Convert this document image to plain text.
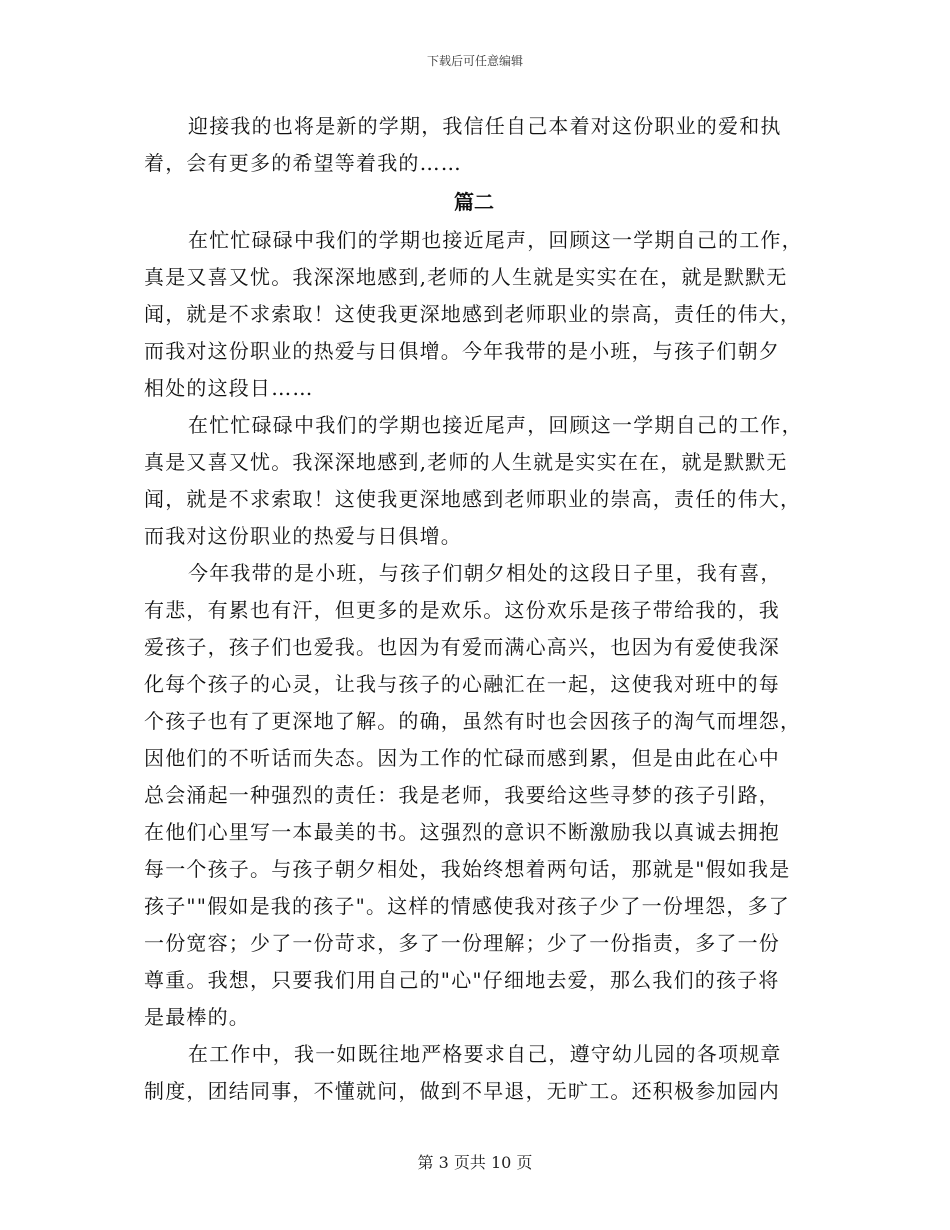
下载后可任意编辑
迎接我的也将是新的学期，我信任自己本着对这份职业的爱和执
着，会有更多的希望等着我的……
篇二
在忙忙碌碌中我们的学期也接近尾声，回顾这一学期自己的工作，
真是又喜又忧。我深深地感到,老师的人生就是实实在在，就是默默无
闻，就是不求索取！这使我更深地感到老师职业的崇高，责任的伟大，
而我对这份职业的热爱与日俱增。今年我带的是小班，与孩子们朝夕
相处的这段日……
在忙忙碌碌中我们的学期也接近尾声，回顾这一学期自己的工作，
真是又喜又忧。我深深地感到,老师的人生就是实实在在，就是默默无
闻，就是不求索取！这使我更深地感到老师职业的崇高，责任的伟大，
而我对这份职业的热爱与日俱增。
今年我带的是小班，与孩子们朝夕相处的这段日子里，我有喜，
有悲，有累也有汗，但更多的是欢乐。这份欢乐是孩子带给我的，我
爱孩子，孩子们也爱我。也因为有爱而满心高兴，也因为有爱使我深
化每个孩子的心灵，让我与孩子的心融汇在一起，这使我对班中的每
个孩子也有了更深地了解。的确，虽然有时也会因孩子的淘气而埋怨，
因他们的不听话而失态。因为工作的忙碌而感到累，但是由此在心中
总会涌起一种强烈的责任：我是老师，我要给这些寻梦的孩子引路，
在他们心里写一本最美的书。这强烈的意识不断激励我以真诚去拥抱
每一个孩子。与孩子朝夕相处，我始终想着两句话，那就是"假如我是
孩子""假如是我的孩子"。这样的情感使我对孩子少了一份埋怨，多了
一份宽容；少了一份苛求，多了一份理解；少了一份指责，多了一份
尊重。我想，只要我们用自己的"心"仔细地去爱，那么我们的孩子将
是最棒的。
在工作中，我一如既往地严格要求自己，遵守幼儿园的各项规章
制度，团结同事，不懂就问，做到不早退，无旷工。还积极参加园内
第 3 页共 10 页
